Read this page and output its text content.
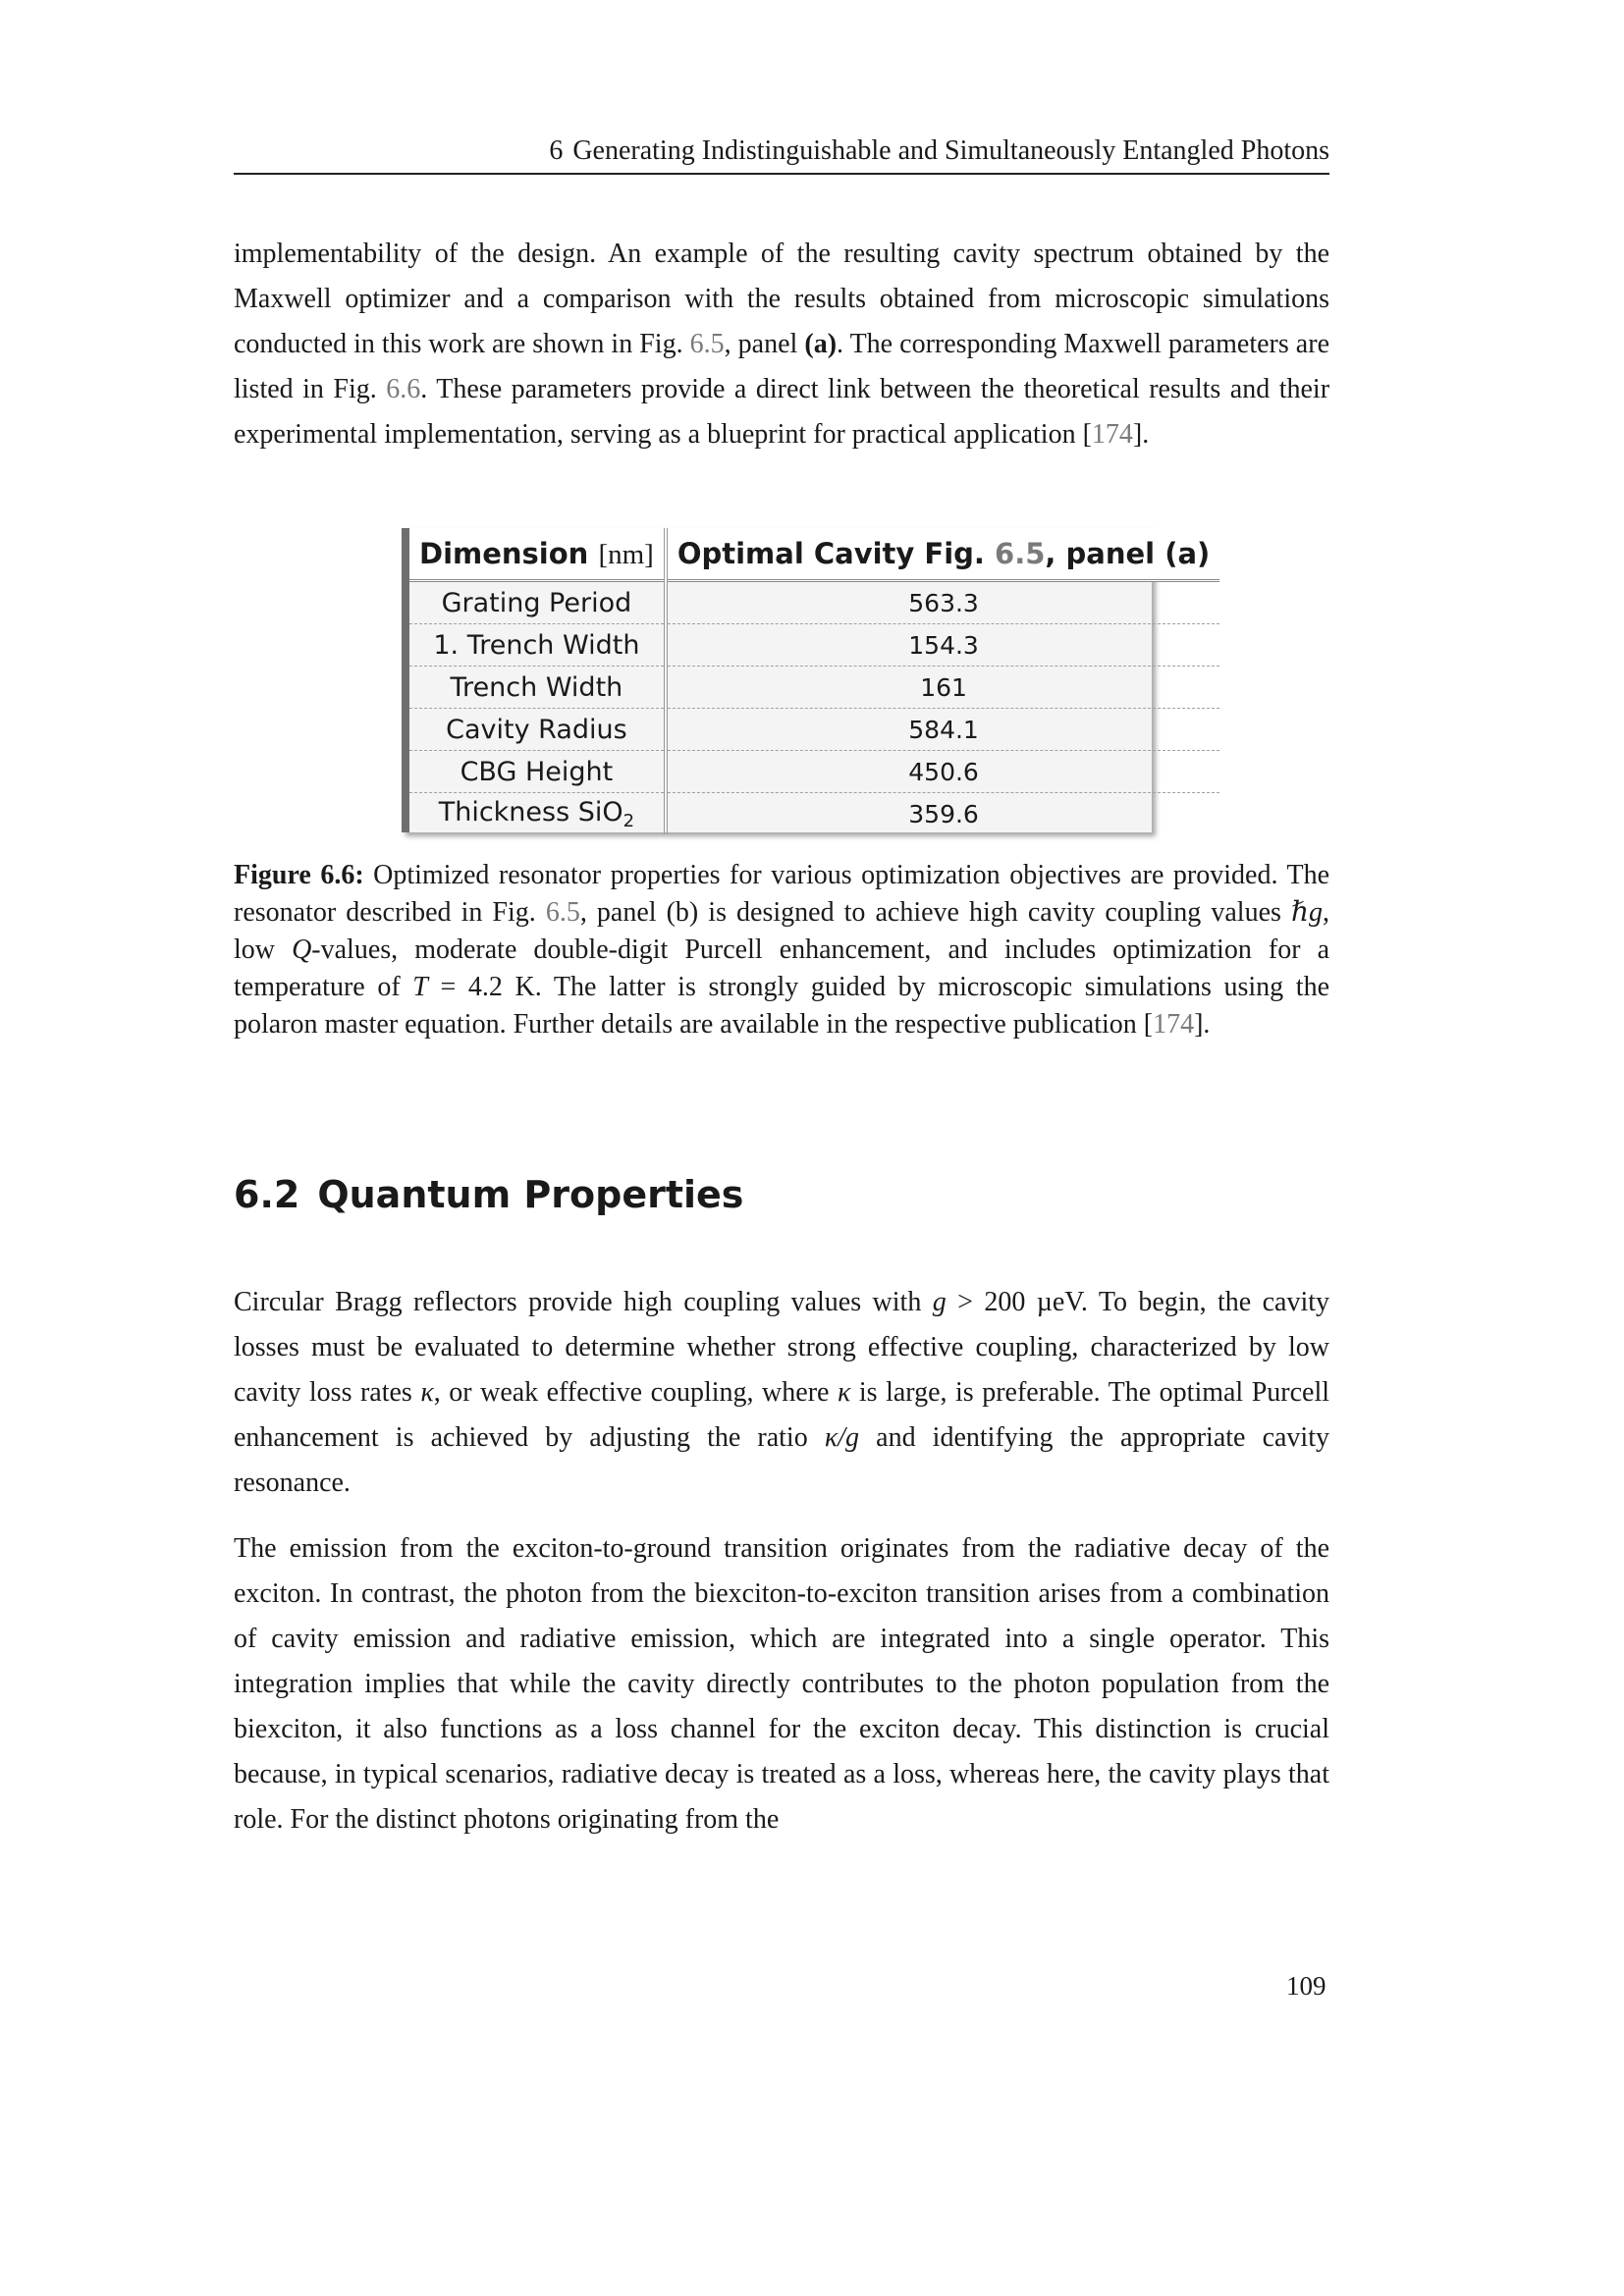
6 Generating Indistinguishable and Simultaneously Entangled Photons

implementability of the design. An example of the resulting cavity spectrum obtained by the Maxwell optimizer and a comparison with the results obtained from microscopic simulations conducted in this work are shown in Fig. 6.5, panel (a). The corresponding Maxwell parameters are listed in Fig. 6.6. These parameters provide a direct link between the theoretical results and their experimental implementation, serving as a blueprint for practical application [174].

Dimension [nm]	Optimal Cavity Fig. 6.5, panel (a)
Grating Period	563.3
1. Trench Width	154.3
Trench Width	161
Cavity Radius	584.1
CBG Height	450.6
Thickness SiO$_2$	359.6

Figure 6.6: Optimized resonator properties for various optimization objectives are provided. The resonator described in Fig. 6.5, panel (b) is designed to achieve high cavity coupling values ℏg, low Q-values, moderate double-digit Purcell enhancement, and includes optimization for a temperature of T = 4.2 K. The latter is strongly guided by microscopic simulations using the polaron master equation. Further details are available in the respective publication [174].

6.2 Quantum Properties

Circular Bragg reflectors provide high coupling values with g > 200 µeV. To begin, the cavity losses must be evaluated to determine whether strong effective coupling, characterized by low cavity loss rates κ, or weak effective coupling, where κ is large, is preferable. The optimal Purcell enhancement is achieved by adjusting the ratio κ/g and identifying the appropriate cavity resonance.

The emission from the exciton-to-ground transition originates from the radiative decay of the exciton. In contrast, the photon from the biexciton-to-exciton transition arises from a combination of cavity emission and radiative emission, which are integrated into a single operator. This integration implies that while the cavity directly contributes to the photon population from the biexciton, it also functions as a loss channel for the exciton decay. This distinction is crucial because, in typical scenarios, radiative decay is treated as a loss, whereas here, the cavity plays that role. For the distinct photons originating from the

109
